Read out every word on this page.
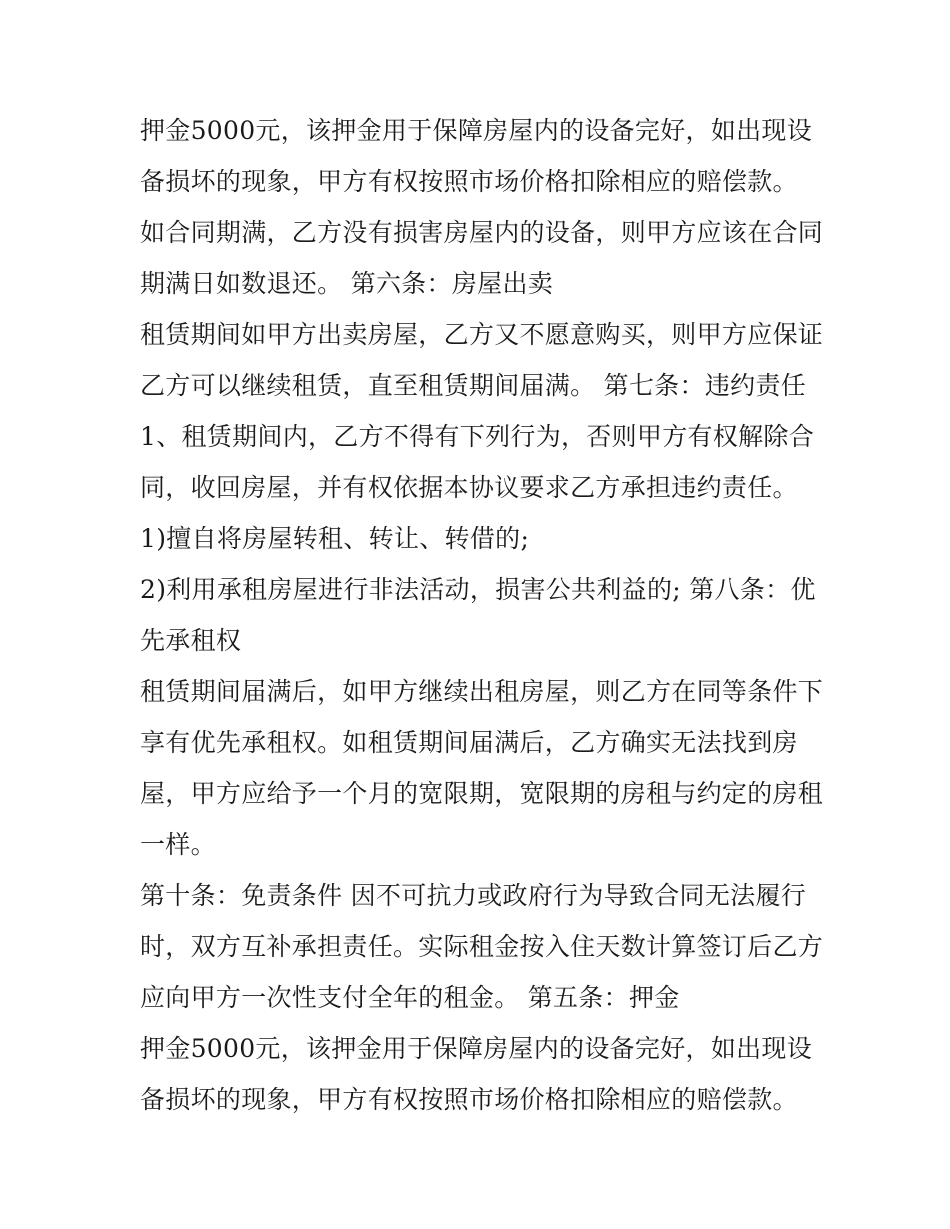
押金5000元，该押金用于保障房屋内的设备完好，如出现设

备损坏的现象，甲方有权按照市场价格扣除相应的赔偿款。

如合同期满，乙方没有损害房屋内的设备，则甲方应该在合同

期满日如数退还。 第六条：房屋出卖

租赁期间如甲方出卖房屋，乙方又不愿意购买，则甲方应保证

乙方可以继续租赁，直至租赁期间届满。 第七条：违约责任

1、租赁期间内，乙方不得有下列行为，否则甲方有权解除合

同，收回房屋，并有权依据本协议要求乙方承担违约责任。

1)擅自将房屋转租、转让、转借的;

2)利用承租房屋进行非法活动，损害公共利益的; 第八条：优

先承租权

租赁期间届满后，如甲方继续出租房屋，则乙方在同等条件下

享有优先承租权。如租赁期间届满后，乙方确实无法找到房

屋，甲方应给予一个月的宽限期，宽限期的房租与约定的房租

一样。

第十条：免责条件 因不可抗力或政府行为导致合同无法履行

时，双方互补承担责任。实际租金按入住天数计算签订后乙方

应向甲方一次性支付全年的租金。 第五条：押金

押金5000元，该押金用于保障房屋内的设备完好，如出现设

备损坏的现象，甲方有权按照市场价格扣除相应的赔偿款。
